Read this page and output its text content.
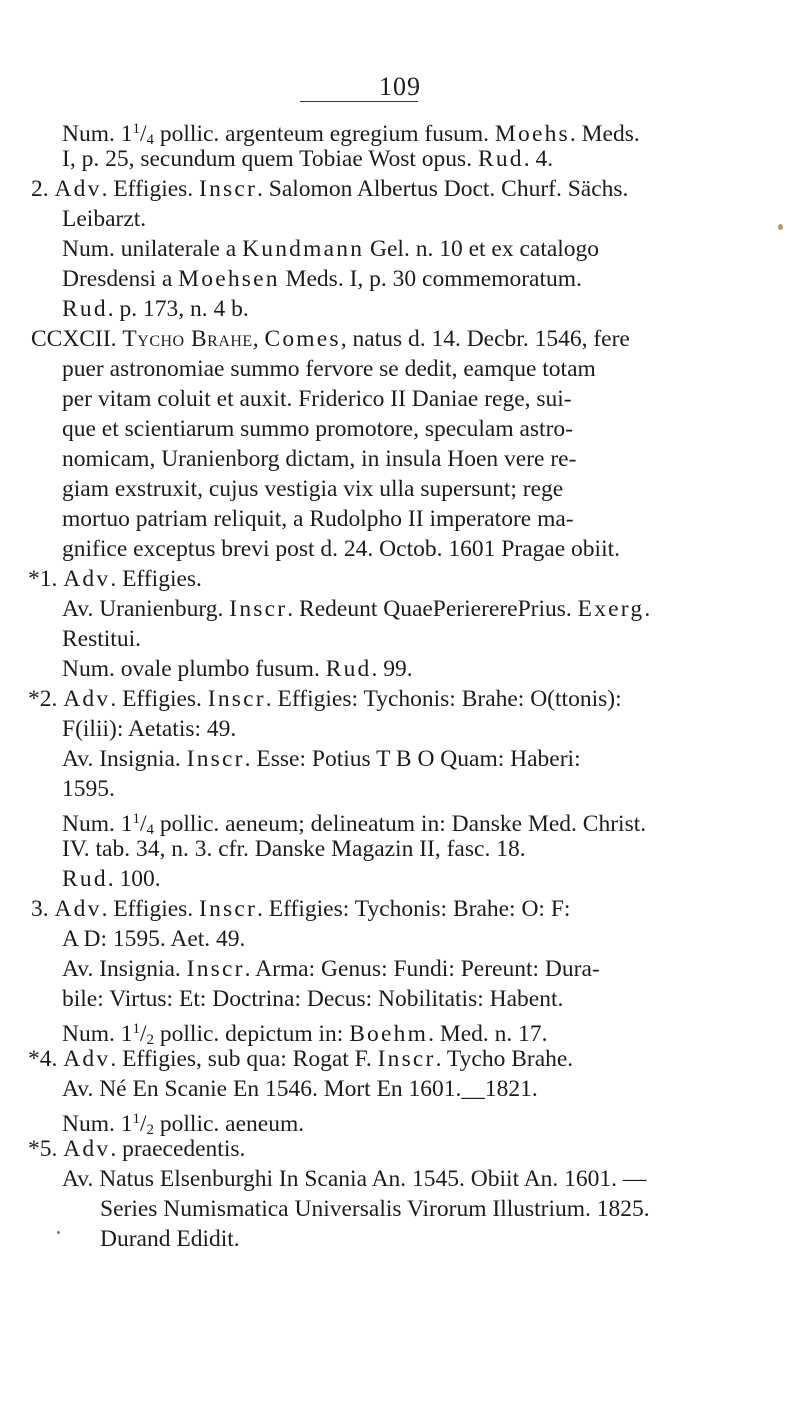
109
Num. $1^1/4$ pollic. argenteum egregium fusum. Moehs. Meds.
I, p. 25, secundum quem Tobiae Wost opus. Rud. 4.
2. Adv. Effigies. Inscr. Salomon Albertus Doct. Churf. Sächs.
Leibarzt.
Num. unilaterale a Kundmann Gel. n. 10 et ex catalogo
Dresdensi a Moehsen Meds. I, p. 30 commemoratum.
Rud. p. 173, n. 4 b.
CCXCII. Tycho Brahe, Comes, natus d. 14. Decbr. 1546, fere
puer astronomiae summo fervore se dedit, eamque totam
per vitam coluit et auxit. Friderico II Daniae rege, sui-
que et scientiarum summo promotore, speculam astro-
nomicam, Uranienborg dictam, in insula Hoen vere re-
giam exstruxit, cujus vestigia vix ulla supersunt; rege
mortuo patriam reliquit, a Rudolpho II imperatore ma-
gnifice exceptus brevi post d. 24. Octob. 1601 Pragae obiit.
*1. Adv. Effigies.
Av. Uranienburg. Inscr. Redeunt QuaePeriererePrius. Exerg.
Restitui.
Num. ovale plumbo fusum. Rud. 99.
*2. Adv. Effigies. Inscr. Effigies: Tychonis: Brahe: O(ttonis):
F(ilii): Aetatis: 49.
Av. Insignia. Inscr. Esse: Potius T B O Quam: Haberi:
1595.
Num. $1^1/4$ pollic. aeneum; delineatum in: Danske Med. Christ.
IV. tab. 34, n. 3. cfr. Danske Magazin II, fasc. 18.
Rud. 100.
3. Adv. Effigies. Inscr. Effigies: Tychonis: Brahe: O: F:
A D: 1595. Aet. 49.
Av. Insignia. Inscr. Arma: Genus: Fundi: Pereunt: Dura-
bile: Virtus: Et: Doctrina: Decus: Nobilitatis: Habent.
Num. $1^1/2$ pollic. depictum in: Boehm. Med. n. 17.
*4. Adv. Effigies, sub qua: Rogat F. Inscr. Tycho Brahe.
Av. Né En Scanie En 1546. Mort En 1601.__1821.
Num. $1^1/2$ pollic. aeneum.
*5. Adv. praecedentis.
Av. Natus Elsenburghi In Scania An. 1545. Obiit An. 1601. —
Series Numismatica Universalis Virorum Illustrium. 1825.
Durand Edidit.
